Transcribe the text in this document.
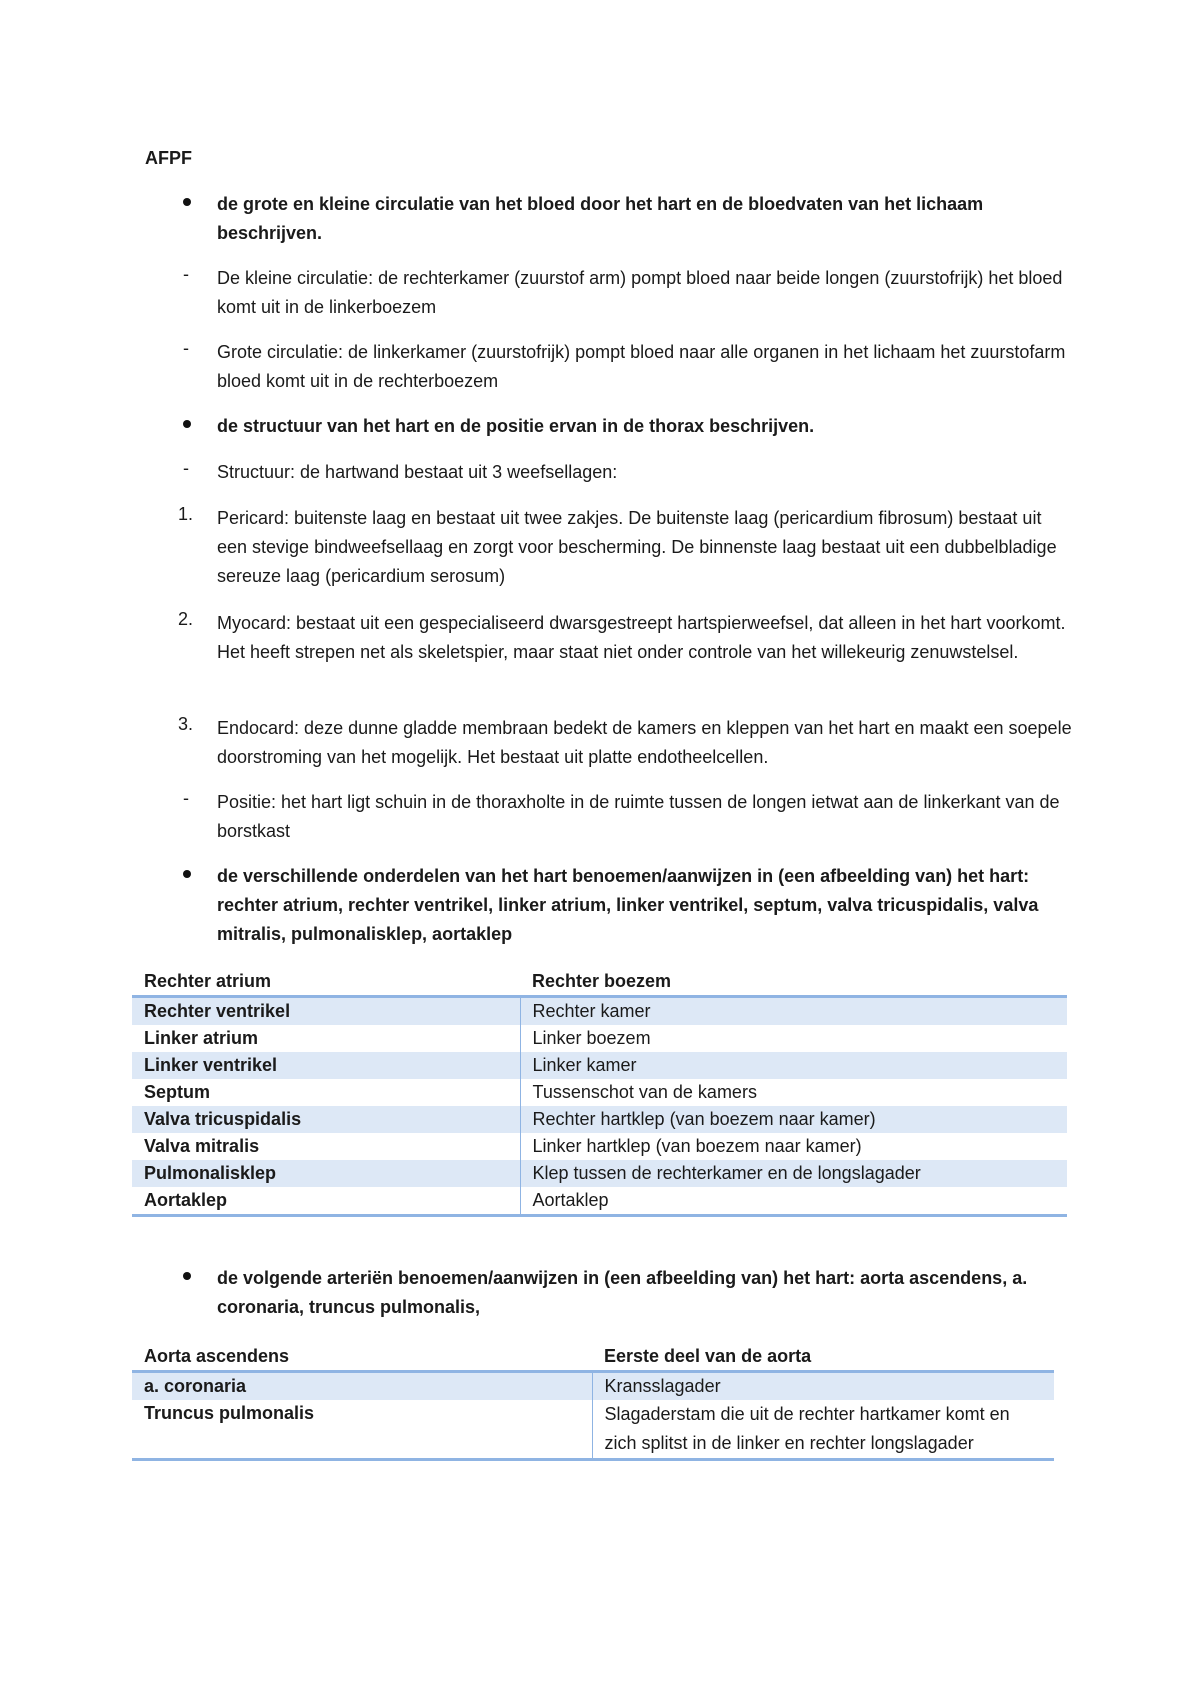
AFPF
de grote en kleine circulatie van het bloed door het hart en de bloedvaten van het lichaam beschrijven.
- De kleine circulatie: de rechterkamer (zuurstof arm) pompt bloed naar beide longen (zuurstofrijk) het bloed komt uit in de linkerboezem
- Grote circulatie: de linkerkamer (zuurstofrijk) pompt bloed naar alle organen in het lichaam het zuurstofarm bloed komt uit in de rechterboezem
de structuur van het hart en de positie ervan in de thorax beschrijven.
- Structuur: de hartwand bestaat uit 3 weefsellagen:
1. Pericard: buitenste laag en bestaat uit twee zakjes. De buitenste laag (pericardium fibrosum) bestaat uit een stevige bindweefsellaag en zorgt voor bescherming. De binnenste laag bestaat uit een dubbelbladige sereuze laag (pericardium serosum)
2. Myocard: bestaat uit een gespecialiseerd dwarsgestreept hartspierweefsel, dat alleen in het hart voorkomt. Het heeft strepen net als skeletspier, maar staat niet onder controle van het willekeurig zenuwstelsel.
3. Endocard: deze dunne gladde membraan bedekt de kamers en kleppen van het hart en maakt een soepele doorstroming van het mogelijk. Het bestaat uit platte endotheelcellen.
- Positie: het hart ligt schuin in de thoraxholte in de ruimte tussen de longen ietwat aan de linkerkant van de borstkast
de verschillende onderdelen van het hart benoemen/aanwijzen in (een afbeelding van) het hart: rechter atrium, rechter ventrikel, linker atrium, linker ventrikel, septum, valva tricuspidalis, valva mitralis, pulmonalisklep, aortaklep
Rechter atrium	Rechter boezem
Rechter ventrikel	Rechter kamer
Linker atrium	Linker boezem
Linker ventrikel	Linker kamer
Septum	Tussenschot van de kamers
Valva tricuspidalis	Rechter hartklep (van boezem naar kamer)
Valva mitralis	Linker hartklep (van boezem naar kamer)
Pulmonalisklep	Klep tussen de rechterkamer en de longslagader
Aortaklep	Aortaklep
de volgende arteriën benoemen/aanwijzen in (een afbeelding van) het hart: aorta ascendens, a. coronaria, truncus pulmonalis,
Aorta ascendens	Eerste deel van de aorta
a. coronaria	Kransslagader
Truncus pulmonalis	Slagaderstam die uit de rechter hartkamer komt en zich splitst in de linker en rechter longslagader
